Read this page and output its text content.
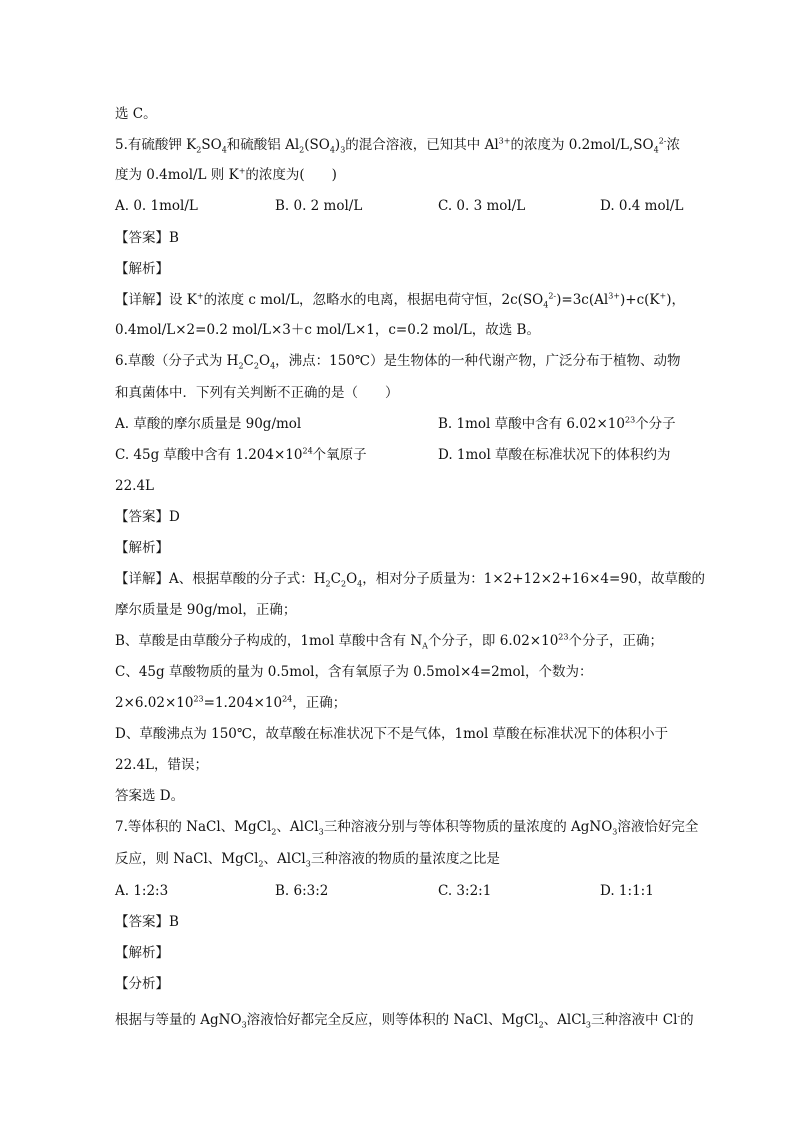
选 C。
5.有硫酸钾 $K_2SO_4$和硫酸铝 $Al_2(SO_4)_3$的混合溶液，已知其中 $Al^{3+}$的浓度为 $0.2mol/L,SO_4^{2-}$浓
度为 0.4mol/L 则 K+的浓度为(　　)
A. 0. 1mol/L	B. 0. 2 mol/L	C. 0. 3 mol/L	D. 0.4 mol/L
【答案】B
【解析】
【详解】设 K+的浓度 c mol/L，忽略水的电离，根据电荷守恒，$2c(SO_4^{2-})=3c(Al^{3+})+c(K^+)$，
0.4mol/L×2=0.2 mol/L×3＋c mol/L×1，c=0.2 mol/L，故选 B。
6.草酸（分子式为 $H_2C_2O_4$，沸点：150℃）是生物体的一种代谢产物，广泛分布于植物、动物
和真菌体中．下列有关判断不正确的是（　　）
A. 草酸的摩尔质量是 90g/mol	B. 1mol 草酸中含有 $6.02\times 10^{23}$个分子
C. 45g 草酸中含有 $1.204\times 10^{24}$个氧原子	D. 1mol 草酸在标准状况下的体积约为
22.4L
【答案】D
【解析】
【详解】A、根据草酸的分子式：$H_2C_2O_4$，相对分子质量为：1×2+12×2+16×4=90，故草酸的
摩尔质量是 90g/mol，正确；
B、草酸是由草酸分子构成的，1mol 草酸中含有 $N_A$个分子，即 $6.02\times 10^{23}$个分子，正确；
C、45g 草酸物质的量为 0.5mol，含有氧原子为 0.5mol×4=2mol，个数为：
$2\times 6.02\times 10^{23}=1.204\times 10^{24}$，正确；
D、草酸沸点为 150℃，故草酸在标准状况下不是气体，1mol 草酸在标准状况下的体积小于
22.4L，错误；
答案选 D。
7.等体积的 NaCl、MgCl$_2$、AlCl$_3$三种溶液分别与等体积等物质的量浓度的 AgNO$_3$溶液恰好完全
反应，则 NaCl、MgCl$_2$、AlCl$_3$三种溶液的物质的量浓度之比是
A. 1:2:3	B. 6:3:2	C. 3:2:1	D. 1:1:1
【答案】B
【解析】
【分析】
根据与等量的 AgNO$_3$溶液恰好都完全反应，则等体积的 NaCl、MgCl$_2$、AlCl$_3$三种溶液中 Cl-的
